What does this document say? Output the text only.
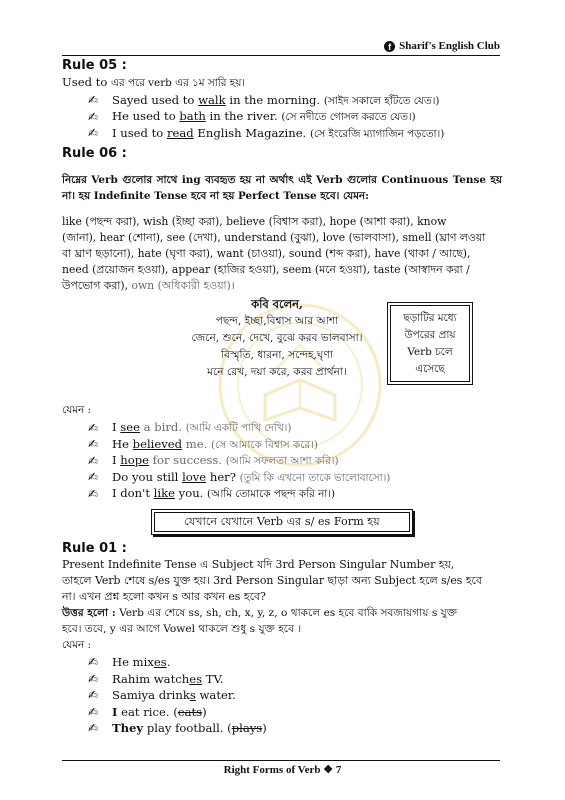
f Sharif's English Club

Rule 05 :

Used to এর পরে verb এর ১ম সারি হয়।

✍	Sayed used to walk in the morning. (সাইদ সকালে হাঁটতে যেত।)
✍	He used to bath in the river. (সে নদীতে গোসল করতে যেত।)
✍	I used to read English Magazine. (সে ইংরেজি ম্যাগাজিন পড়তো।)

Rule 06 :

নিম্নের Verb গুলোর সাথে ing ব্যবহৃত হয় না অর্থাৎ এই Verb গুলোর Continuous Tense হয় না। হয় Indefinite Tense হবে না হয় Perfect Tense হবে। যেমন:

like (পছন্দ করা), wish (ইচ্ছা করা), believe (বিশ্বাস করা), hope (আশা করা), know

(জানা), hear (শোনা), see (দেখা), understand (বুঝা), love (ভালবাসা), smell (ঘ্রাণ লওয়া

বা ঘ্রাণ ছড়ানো), hate (ঘৃণা করা), want (চাওয়া), sound (শব্দ করা), have (থাকা / আছে),

need (প্রয়োজন হওয়া), appear (হাজির হওয়া), seem (মনে হওয়া), taste (আস্বাদন করা /

উপভোগ করা), own (অধিকারী হওয়া)।

কবি বলেন,
পছন্দ, ইচ্ছা,বিশ্বাস আর আশা
জেনে, শুনে, দেখে, বুঝে করব ভালবাসা।
বিস্মৃতি, ধারনা, সন্দেহ,ঘৃণা
মনে রেখ, দয়া করে, করব প্রার্থনা।
ছড়াটির মধ্যে
উপরের প্রায়
Verb চলে
এসেছে

যেমন :

✍	I see a bird. (আমি একটি পাখি দেখি।)
✍	He believed me. (সে আমাকে বিশ্বাস করে।)
✍	I hope for success. (আমি সফলতা আশা করি।)
✍	Do you still love her? (তুমি কি এখনো তাকে ভালোবাসো।)
✍	I don't like you. (আমি তোমাকে পছন্দ করি না।)
যেখানে যেখানে Verb এর s/ es Form হয়

Rule 01 :

Present Indefinite Tense এ Subject যদি 3rd Person Singular Number হয়,

তাহলে Verb শেষে s/es যুক্ত হয়। 3rd Person Singular ছাড়া অন্য Subject হলে s/es হবে

না। এখন প্রশ্ন হলো কখন s আর কখন es হবে?

উত্তর হলো : Verb এর শেষে ss, sh, ch, x, y, z, o থাকলে es হবে বাকি সবজায়গায় s যুক্ত

হবে। তবে, y এর আগে Vowel থাকলে শুধু s যুক্ত হবে ।

যেমন :

✍	He mixes.
✍	Rahim watches TV.
✍	Samiya drinks water.
✍	I eat rice. (eats)
✍	They play football. (plays)
Right Forms of Verb ❖ 7
